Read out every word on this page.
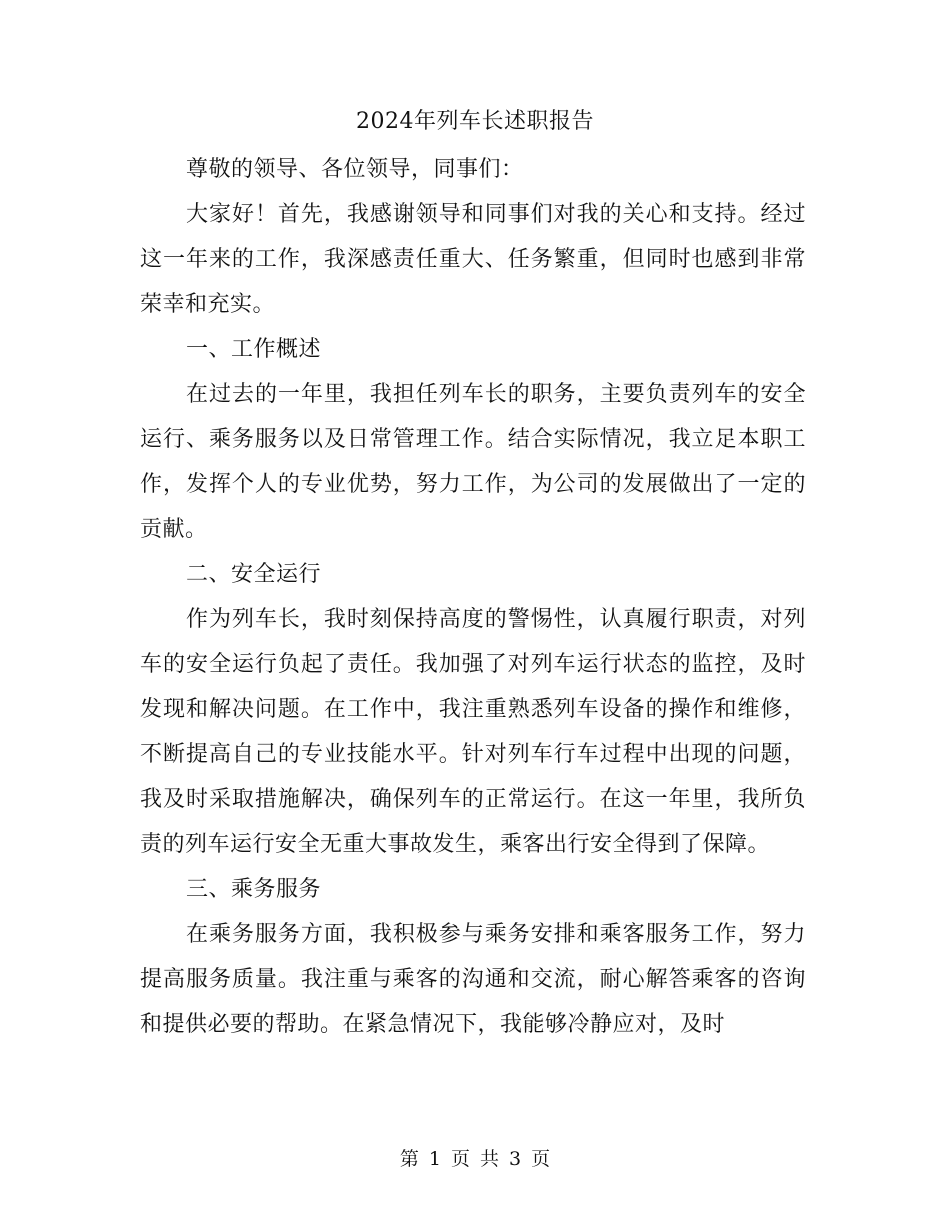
2024年列车长述职报告

尊敬的领导、各位领导，同事们：

大家好！首先，我感谢领导和同事们对我的关心和支持。经过这一年来的工作，我深感责任重大、任务繁重，但同时也感到非常荣幸和充实。

一、工作概述

在过去的一年里，我担任列车长的职务，主要负责列车的安全运行、乘务服务以及日常管理工作。结合实际情况，我立足本职工作，发挥个人的专业优势，努力工作，为公司的发展做出了一定的贡献。

二、安全运行

作为列车长，我时刻保持高度的警惕性，认真履行职责，对列车的安全运行负起了责任。我加强了对列车运行状态的监控，及时发现和解决问题。在工作中，我注重熟悉列车设备的操作和维修，不断提高自己的专业技能水平。针对列车行车过程中出现的问题，我及时采取措施解决，确保列车的正常运行。在这一年里，我所负责的列车运行安全无重大事故发生，乘客出行安全得到了保障。

三、乘务服务

在乘务服务方面，我积极参与乘务安排和乘客服务工作，努力提高服务质量。我注重与乘客的沟通和交流，耐心解答乘客的咨询和提供必要的帮助。在紧急情况下，我能够冷静应对，及时

第 1 页 共 3 页
